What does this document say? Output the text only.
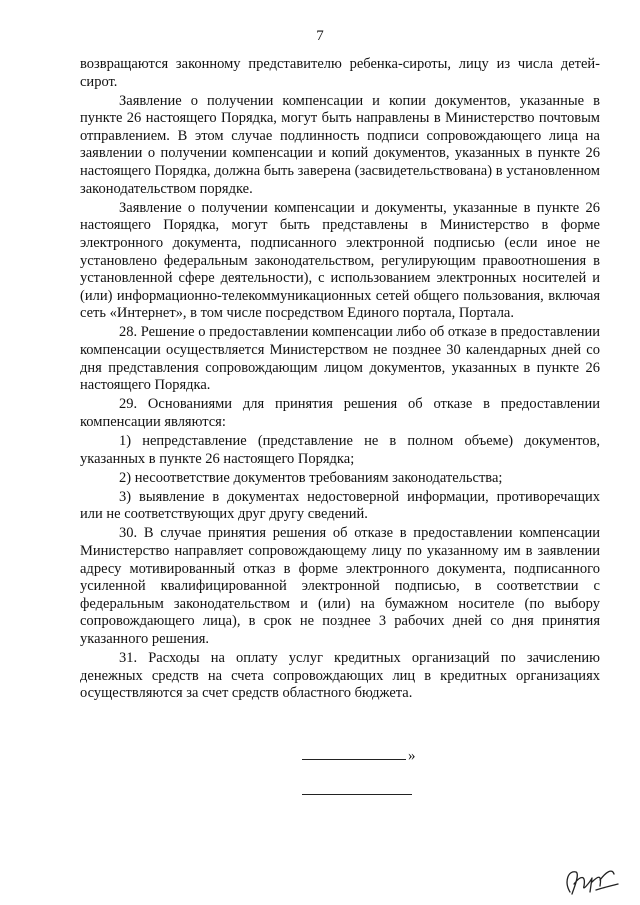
7

возвращаются законному представителю ребенка-сироты, лицу из числа детей-сирот.

Заявление о получении компенсации и копии документов, указанные в пункте 26 настоящего Порядка, могут быть направлены в Министерство почтовым отправлением. В этом случае подлинность подписи сопровождающего лица на заявлении о получении компенсации и копий документов, указанных в пункте 26 настоящего Порядка, должна быть заверена (засвидетельствована) в установленном законодательством порядке.

Заявление о получении компенсации и документы, указанные в пункте 26 настоящего Порядка, могут быть представлены в Министерство в форме электронного документа, подписанного электронной подписью (если иное не установлено федеральным законодательством, регулирующим правоотношения в установленной сфере деятельности), с использованием электронных носителей и (или) информационно-телекоммуникационных сетей общего пользования, включая сеть «Интернет», в том числе посредством Единого портала, Портала.

28. Решение о предоставлении компенсации либо об отказе в предоставлении компенсации осуществляется Министерством не позднее 30 календарных дней со дня представления сопровождающим лицом документов, указанных в пункте 26 настоящего Порядка.

29. Основаниями для принятия решения об отказе в предоставлении компенсации являются:

1) непредставление (представление не в полном объеме) документов, указанных в пункте 26 настоящего Порядка;

2) несоответствие документов требованиям законодательства;

3) выявление в документах недостоверной информации, противоречащих или не соответствующих друг другу сведений.

30. В случае принятия решения об отказе в предоставлении компенсации Министерство направляет сопровождающему лицу по указанному им в заявлении адресу мотивированный отказ в форме электронного документа, подписанного усиленной квалифицированной электронной подписью, в соответствии с федеральным законодательством и (или) на бумажном носителе (по выбору сопровождающего лица), в срок не позднее 3 рабочих дней со дня принятия указанного решения.

31. Расходы на оплату услуг кредитных организаций по зачислению денежных средств на счета сопровождающих лиц в кредитных организациях осуществляются за счет средств областного бюджета.

»
